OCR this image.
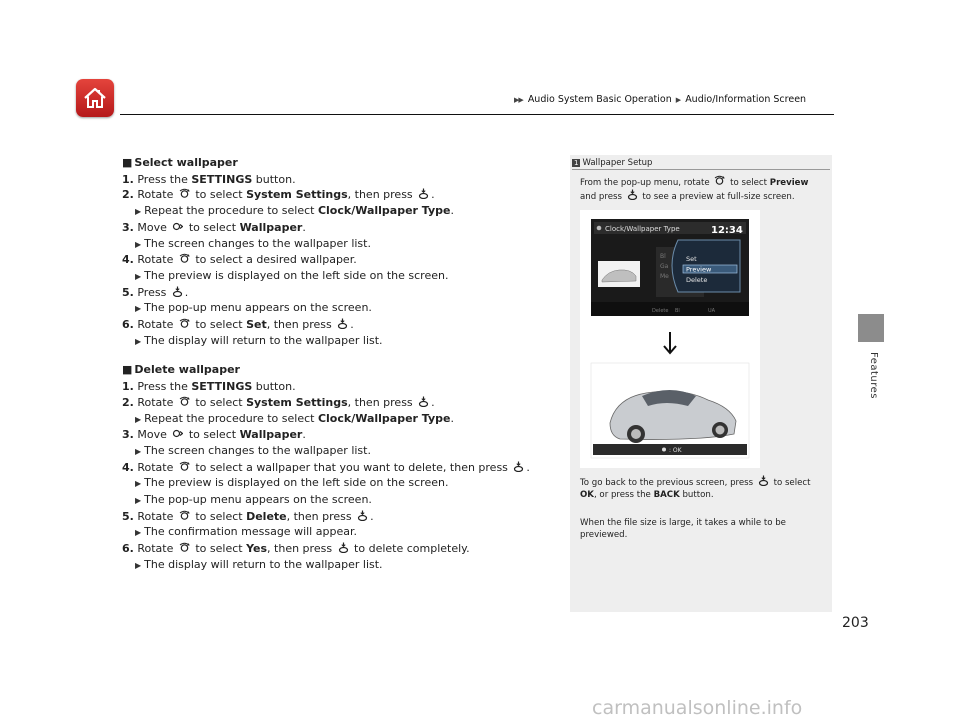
▶▶ Audio System Basic Operation ▶ Audio/Information Screen
Features
■ Select wallpaper
1. Press the SETTINGS button.
2. Rotate  to select System Settings, then press .
▶ Repeat the procedure to select Clock/Wallpaper Type.
3. Move  to select Wallpaper.
▶ The screen changes to the wallpaper list.
4. Rotate  to select a desired wallpaper.
▶ The preview is displayed on the left side on the screen.
5. Press .
▶ The pop-up menu appears on the screen.
6. Rotate  to select Set, then press .
▶ The display will return to the wallpaper list.
■ Delete wallpaper
1. Press the SETTINGS button.
2. Rotate  to select System Settings, then press .
▶ Repeat the procedure to select Clock/Wallpaper Type.
3. Move  to select Wallpaper.
▶ The screen changes to the wallpaper list.
4. Rotate  to select a wallpaper that you want to delete, then press .
▶ The preview is displayed on the left side on the screen.
▶ The pop-up menu appears on the screen.
5. Rotate  to select Delete, then press .
▶ The confirmation message will appear.
6. Rotate  to select Yes, then press  to delete completely.
▶ The display will return to the wallpaper list.
1 Wallpaper Setup
From the pop-up menu, rotate  to select Preview
and press  to see a preview at full-size screen.
Clock/Wallpaper Type	12:34
Bl
Ga
Me
Set
Preview
Delete
Delete Bl	UA
: OK
To go back to the previous screen, press  to select
OK, or press the BACK button.
When the file size is large, it takes a while to be previewed.
203
carmanualsonline.info
